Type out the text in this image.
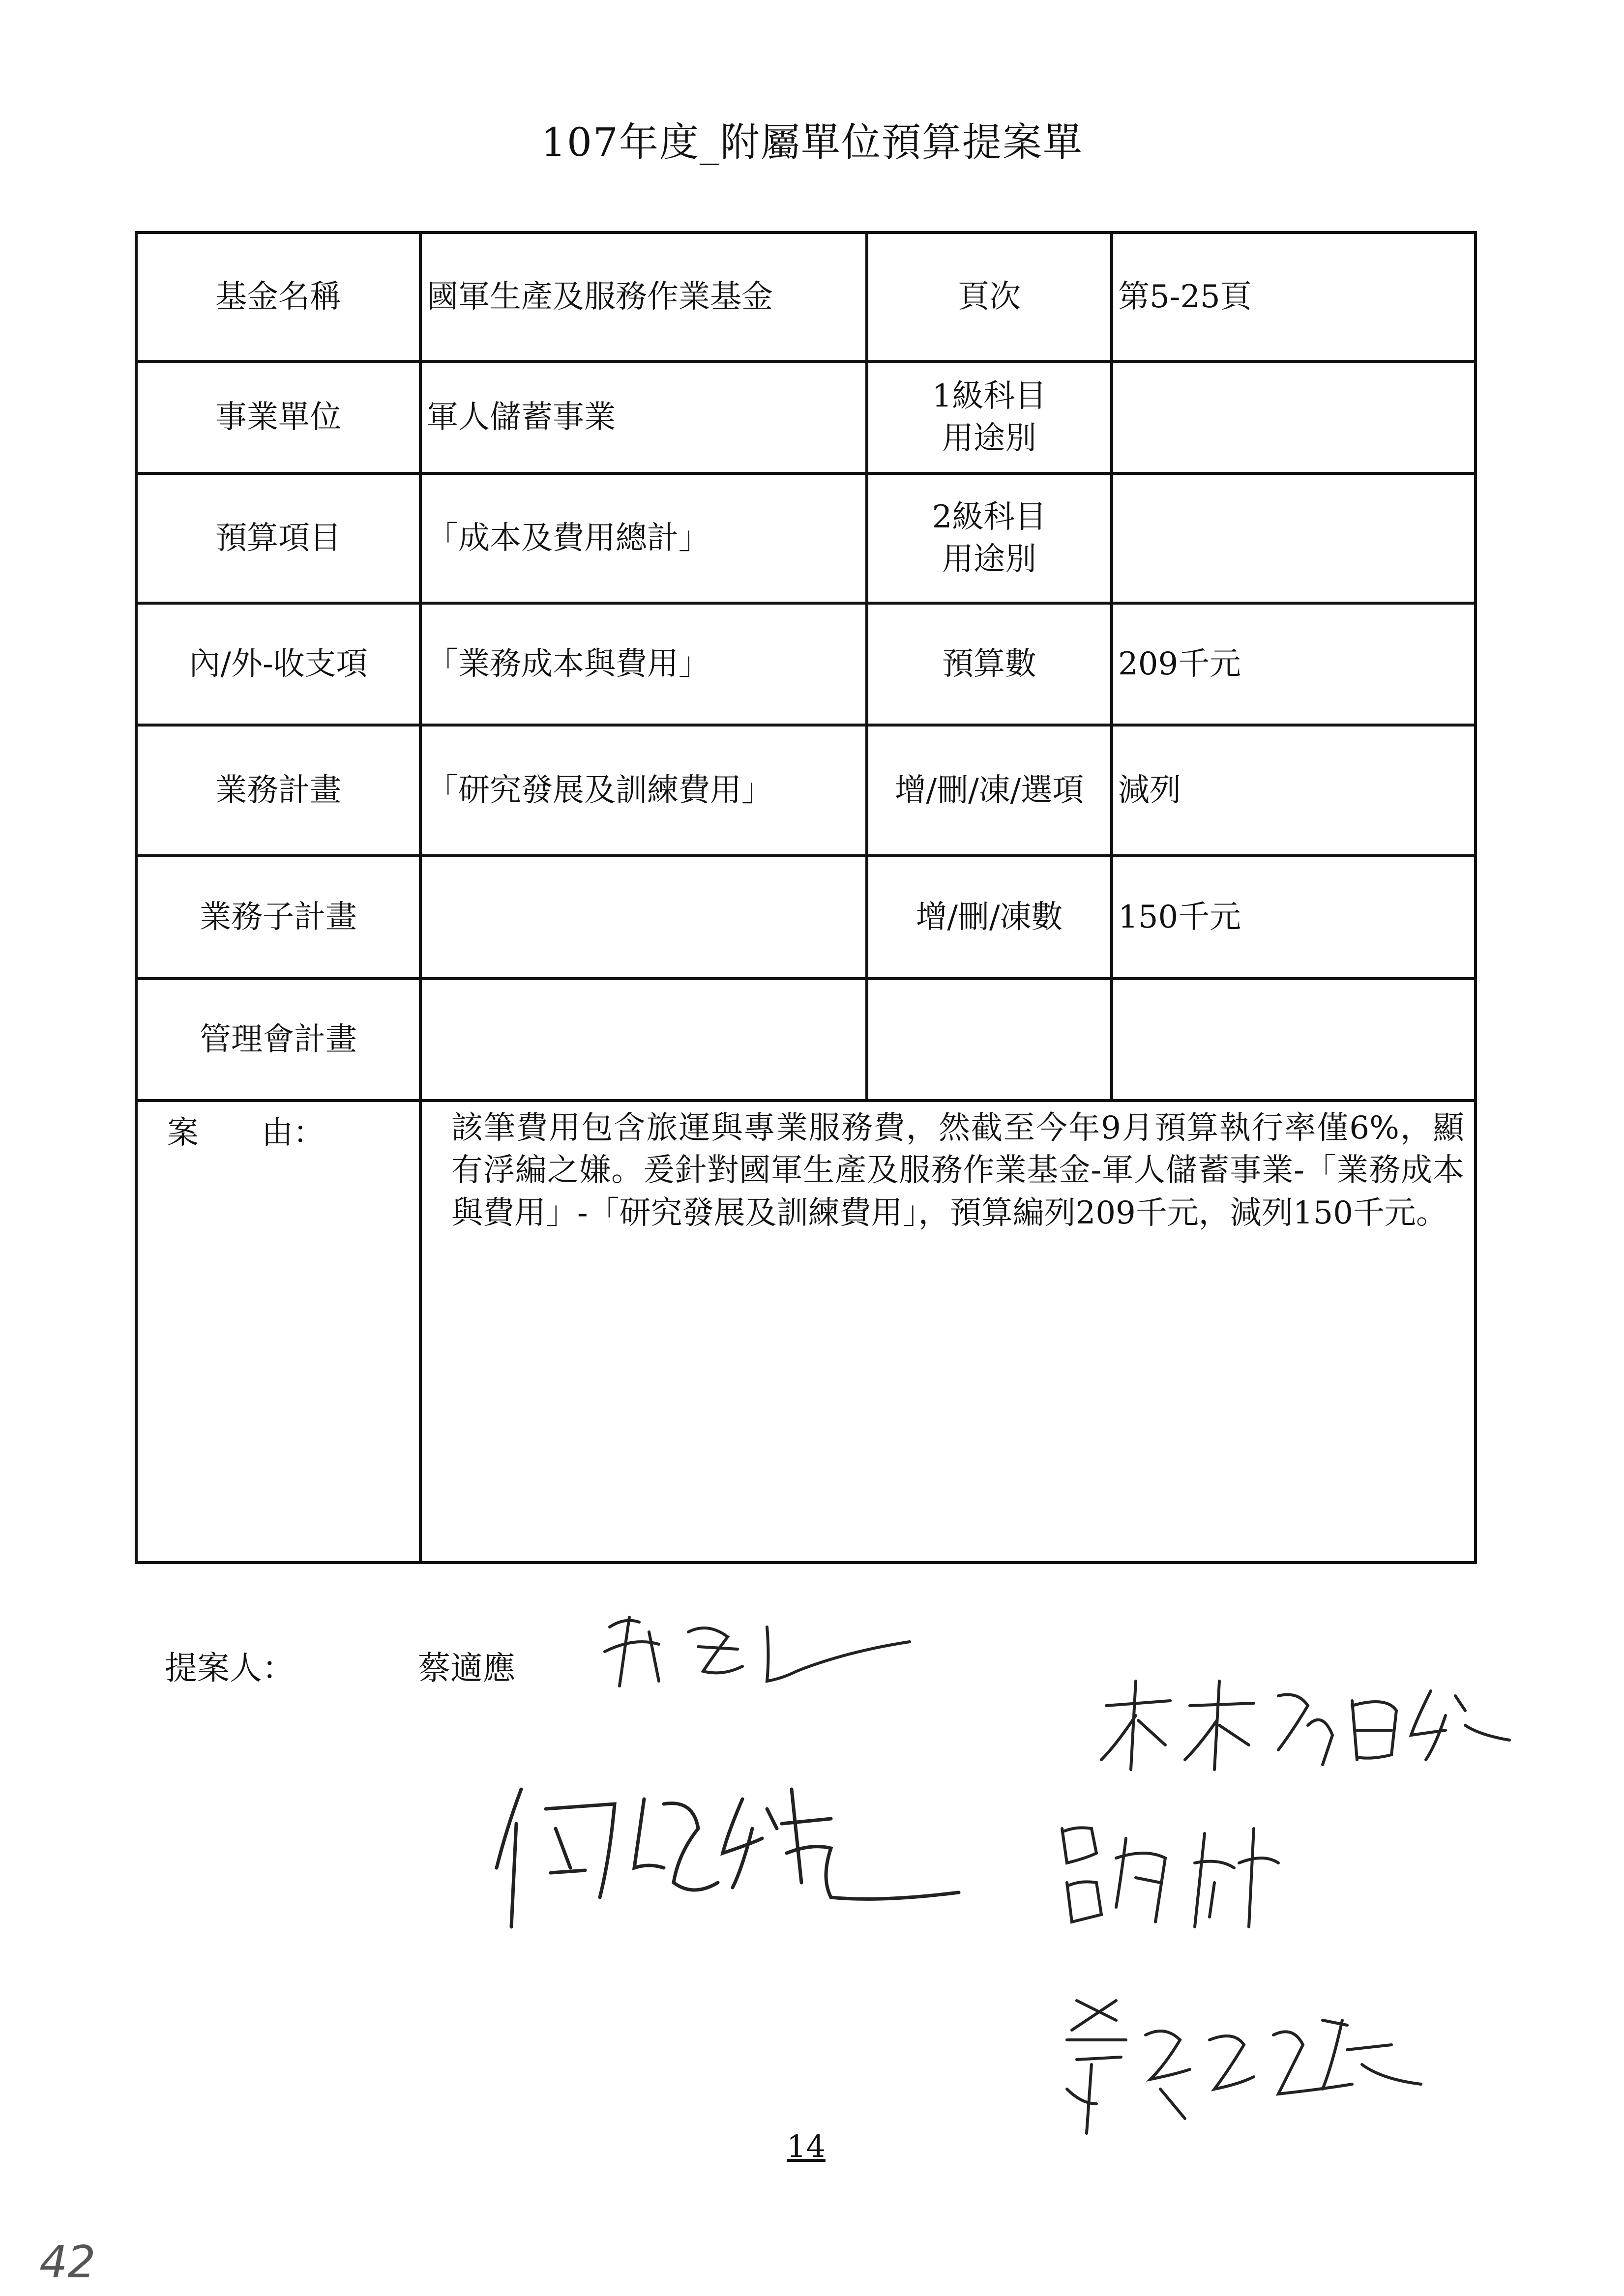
107年度_附屬單位預算提案單
基金名稱	國軍生產及服務作業基金	頁次	第5-25頁
事業單位	軍人儲蓄事業	1級科目
用途別	
預算項目	「成本及費用總計」	2級科目
用途別	
內/外-收支項	「業務成本與費用」	預算數	209千元
業務計畫	「研究發展及訓練費用」	增/刪/凍/選項	減列
業務子計畫		增/刪/凍數	150千元
管理會計畫			
案　　由：	該筆費用包含旅運與專業服務費，然截至今年9月預算執行率僅6%，顯有浮編之嫌。爰針對國軍生產及服務作業基金-軍人儲蓄事業-「業務成本與費用」-「研究發展及訓練費用」，預算編列209千元，減列150千元。		
提案人：	蔡適應
14
42
